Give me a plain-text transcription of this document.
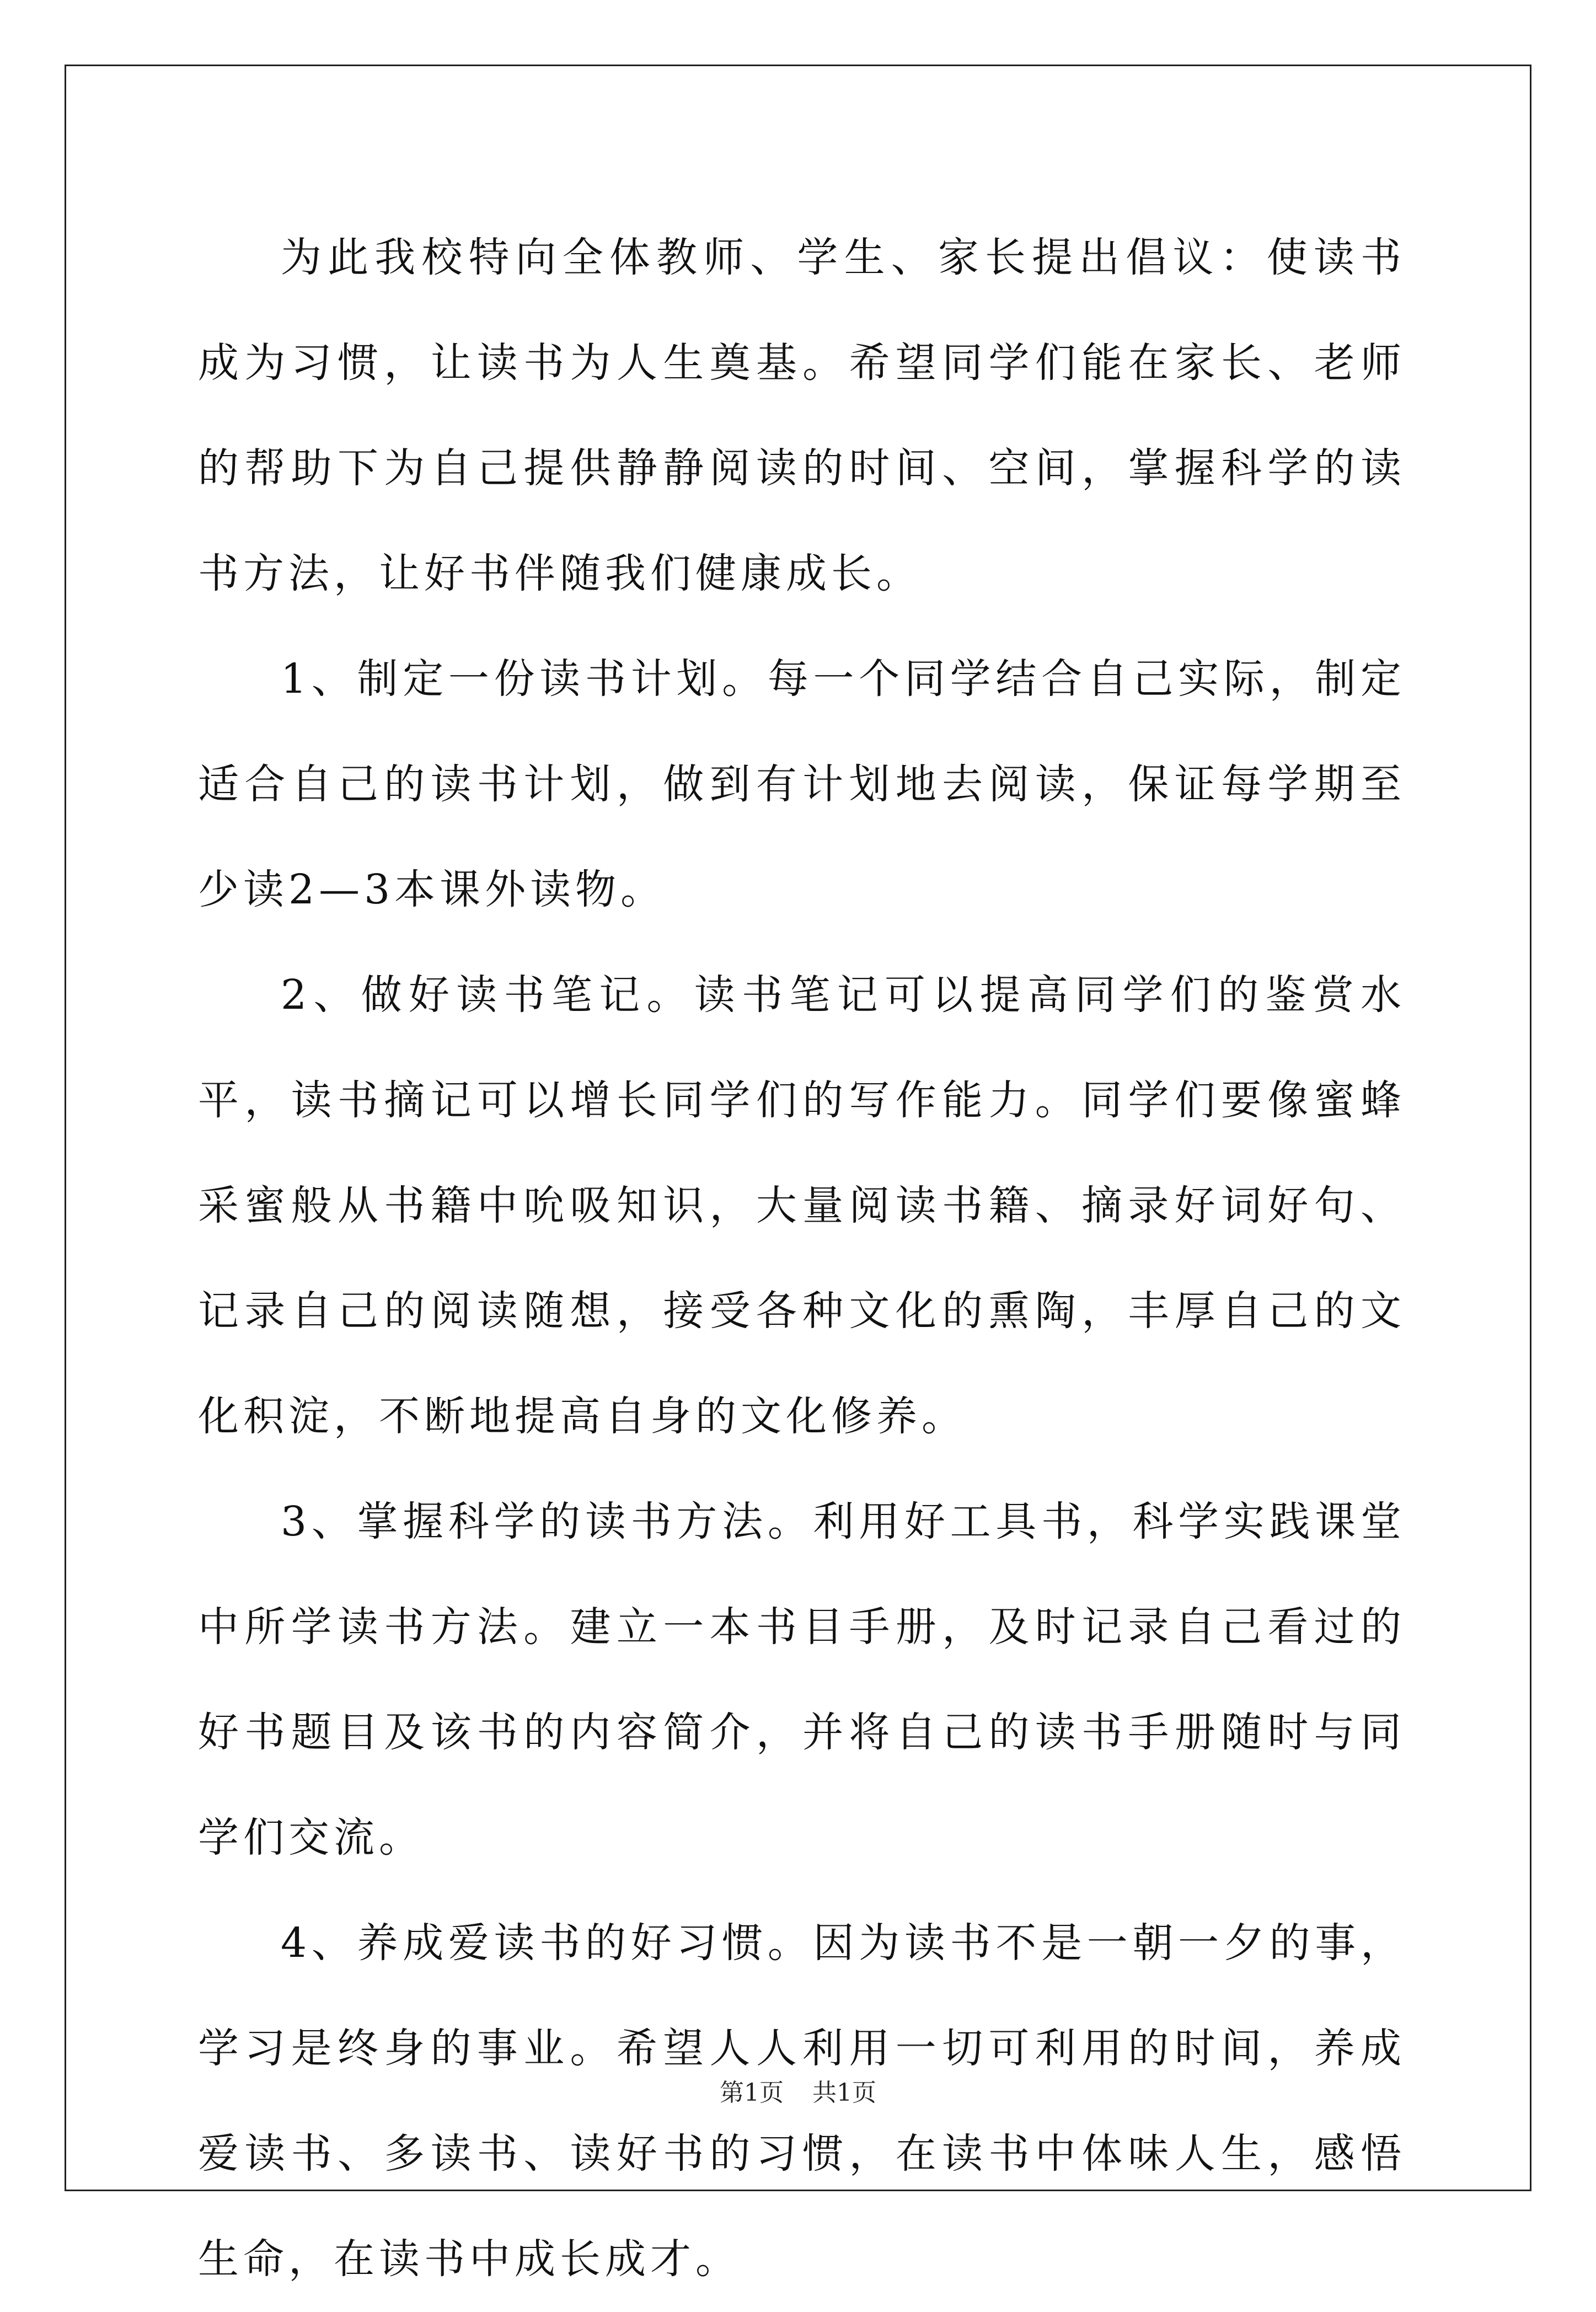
为此我校特向全体教师、学生、家长提出倡议：使读书成为习惯，让读书为人生奠基。希望同学们能在家长、老师的帮助下为自己提供静静阅读的时间、空间，掌握科学的读书方法，让好书伴随我们健康成长。

1、制定一份读书计划。每一个同学结合自己实际，制定适合自己的读书计划，做到有计划地去阅读，保证每学期至少读2—3本课外读物。

2、做好读书笔记。读书笔记可以提高同学们的鉴赏水平，读书摘记可以增长同学们的写作能力。同学们要像蜜蜂采蜜般从书籍中吮吸知识，大量阅读书籍、摘录好词好句、记录自己的阅读随想，接受各种文化的熏陶，丰厚自己的文化积淀，不断地提高自身的文化修养。

3、掌握科学的读书方法。利用好工具书，科学实践课堂中所学读书方法。建立一本书目手册，及时记录自己看过的好书题目及该书的内容简介，并将自己的读书手册随时与同学们交流。

4、养成爱读书的好习惯。因为读书不是一朝一夕的事，学习是终身的事业。希望人人利用一切可利用的时间，养成爱读书、多读书、读好书的习惯，在读书中体味人生，感悟生命，在读书中成长成才。

第1页 共1页
